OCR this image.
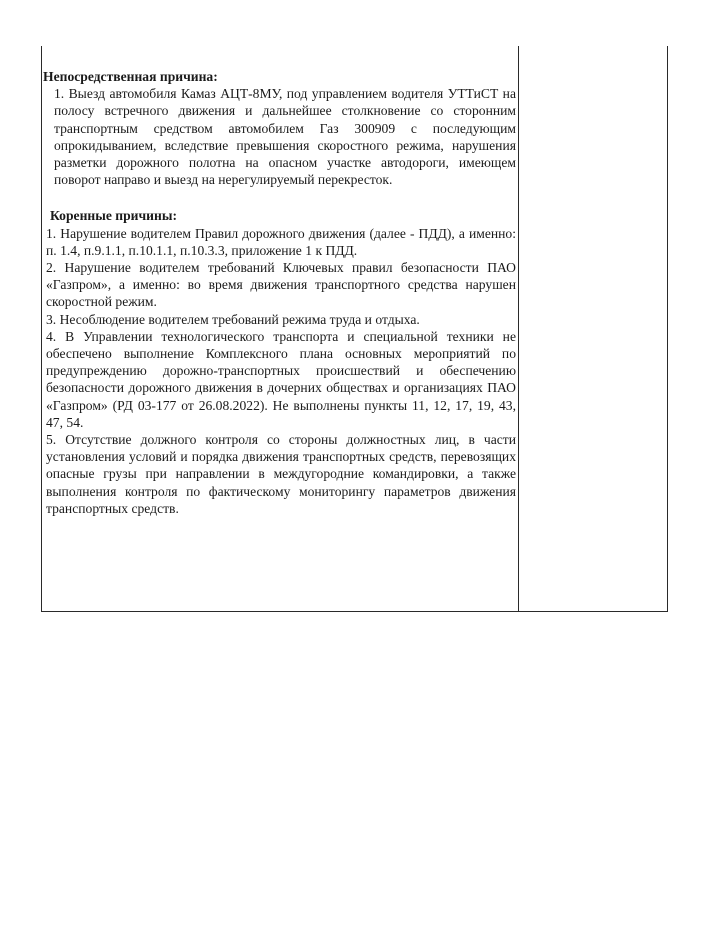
Непосредственная причина:

1. Выезд автомобиля Камаз АЦТ-8МУ, под управлением водителя УТТиСТ на полосу встречного движения и дальнейшее столкновение со сторонним транспортным средством автомобилем Газ 300909 с последующим опрокидыванием, вследствие превышения скоростного режима, нарушения разметки дорожного полотна на опасном участке автодороги, имеющем поворот направо и выезд на нерегулируемый перекресток.

Коренные причины:

1. Нарушение водителем Правил дорожного движения (далее - ПДД), а именно: п. 1.4, п.9.1.1, п.10.1.1, п.10.3.3, приложение 1 к ПДД.

2. Нарушение водителем требований Ключевых правил безопасности ПАО «Газпром», а именно: во время движения транспортного средства нарушен скоростной режим.

3. Несоблюдение водителем требований режима труда и отдыха.

4. В Управлении технологического транспорта и специальной техники не обеспечено выполнение Комплексного плана основных мероприятий по предупреждению дорожно-транспортных происшествий и обеспечению безопасности дорожного движения в дочерних обществах и организациях ПАО «Газпром» (РД 03-177 от 26.08.2022). Не выполнены пункты 11, 12, 17, 19, 43, 47, 54.

5. Отсутствие должного контроля со стороны должностных лиц, в части установления условий и порядка движения транспортных средств, перевозящих опасные грузы при направлении в междугородние командировки, а также выполнения контроля по фактическому мониторингу параметров движения транспортных средств.
